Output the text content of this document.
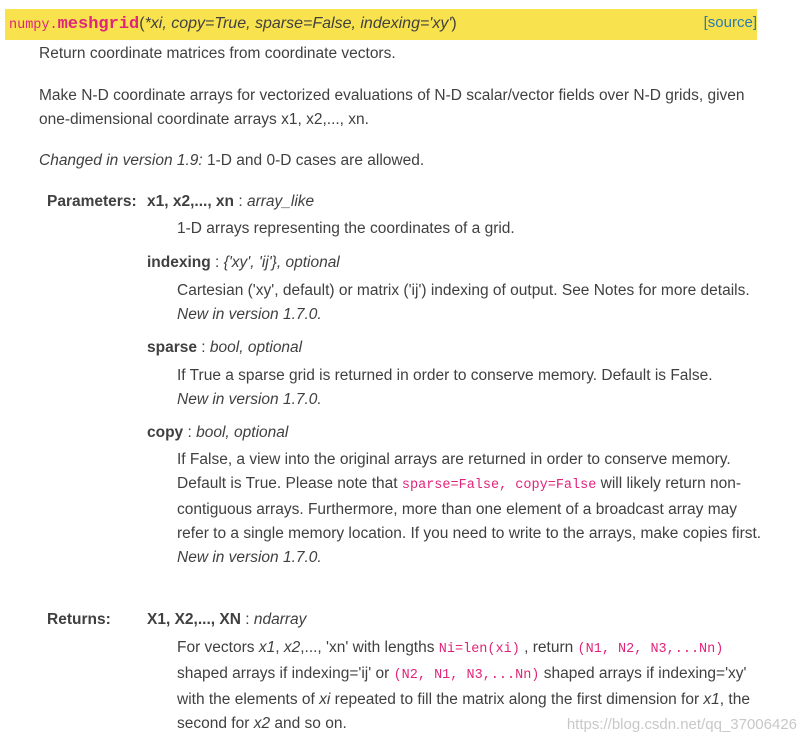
numpy.meshgrid(*xi, copy=True, sparse=False, indexing='xy')	[source]

Return coordinate matrices from coordinate vectors.

Make N-D coordinate arrays for vectorized evaluations of N-D scalar/vector fields over N-D grids, given one-dimensional coordinate arrays x1, x2,..., xn.

Changed in version 1.9: 1-D and 0-D cases are allowed.

Parameters: x1, x2,..., xn : array_like

1-D arrays representing the coordinates of a grid.

indexing : {'xy', 'ij'}, optional

Cartesian ('xy', default) or matrix ('ij') indexing of output. See Notes for more details.

New in version 1.7.0.

sparse : bool, optional

If True a sparse grid is returned in order to conserve memory. Default is False.

New in version 1.7.0.

copy : bool, optional

If False, a view into the original arrays are returned in order to conserve memory. Default is True. Please note that sparse=False, copy=False will likely return non-contiguous arrays. Furthermore, more than one element of a broadcast array may refer to a single memory location. If you need to write to the arrays, make copies first.

New in version 1.7.0.

Returns: X1, X2,..., XN : ndarray

For vectors x1, x2,..., 'xn' with lengths Ni=len(xi) , return (N1, N2, N3,...Nn) shaped arrays if indexing='ij' or (N2, N1, N3,...Nn) shaped arrays if indexing='xy' with the elements of xi repeated to fill the matrix along the first dimension for x1, the second for x2 and so on.	https://blog.csdn.net/qq_37006426
